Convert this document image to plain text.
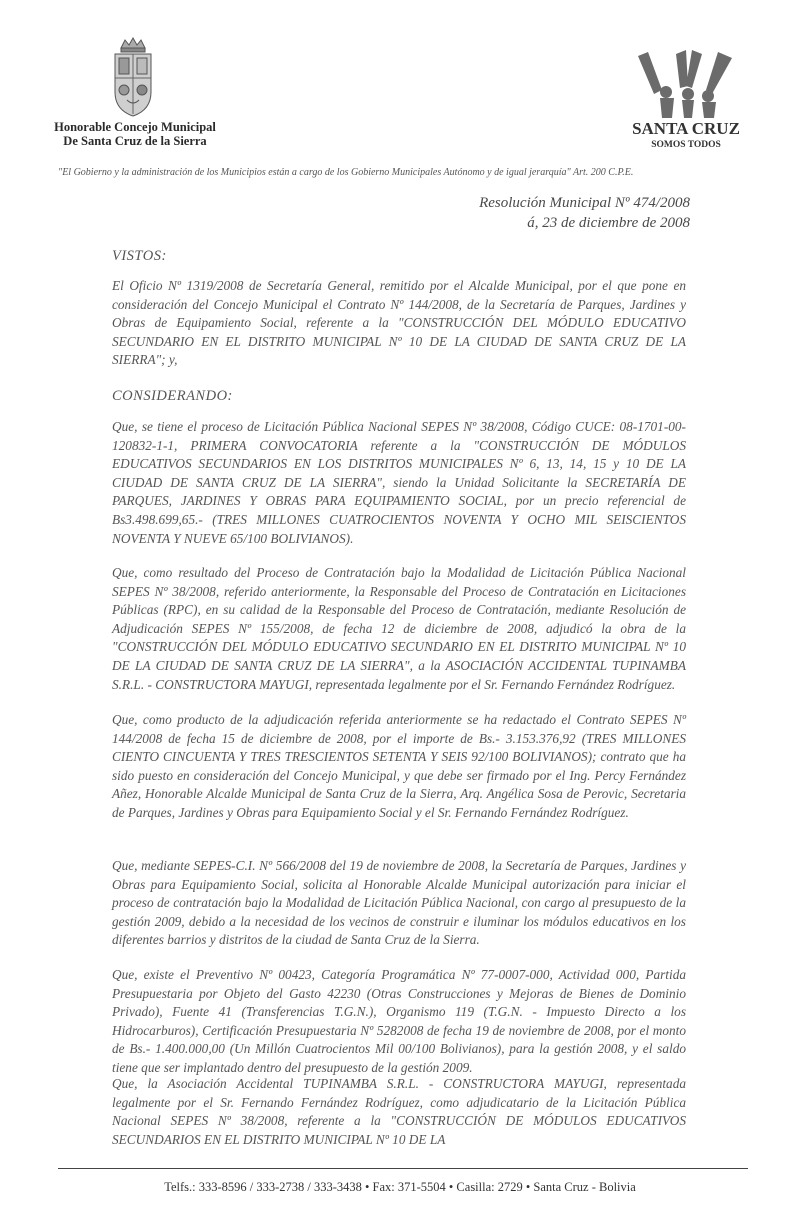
Honorable Concejo Municipal
De Santa Cruz de la Sierra
SANTA CRUZ
SOMOS TODOS
"El Gobierno y la administración de los Municipios están a cargo de los Gobierno Municipales Autónomo y de igual jerarquía" Art. 200 C.P.E.
Resolución Municipal Nº 474/2008
á, 23 de diciembre de 2008
VISTOS:

El Oficio Nº 1319/2008 de Secretaría General, remitido por el Alcalde Municipal, por el que pone en consideración del Concejo Municipal el Contrato Nº 144/2008, de la Secretaría de Parques, Jardines y Obras de Equipamiento Social, referente a la "CONSTRUCCIÓN DEL MÓDULO EDUCATIVO SECUNDARIO EN EL DISTRITO MUNICIPAL Nº 10 DE LA CIUDAD DE SANTA CRUZ DE LA SIERRA"; y,

CONSIDERANDO:

Que, se tiene el proceso de Licitación Pública Nacional SEPES Nº 38/2008, Código CUCE: 08-1701-00-120832-1-1, PRIMERA CONVOCATORIA referente a la "CONSTRUCCIÓN DE MÓDULOS EDUCATIVOS SECUNDARIOS EN LOS DISTRITOS MUNICIPALES Nº 6, 13, 14, 15 y 10 DE LA CIUDAD DE SANTA CRUZ DE LA SIERRA", siendo la Unidad Solicitante la SECRETARÍA DE PARQUES, JARDINES Y OBRAS PARA EQUIPAMIENTO SOCIAL, por un precio referencial de Bs3.498.699,65.- (TRES MILLONES CUATROCIENTOS NOVENTA Y OCHO MIL SEISCIENTOS NOVENTA Y NUEVE 65/100 BOLIVIANOS).

Que, como resultado del Proceso de Contratación bajo la Modalidad de Licitación Pública Nacional SEPES Nº 38/2008, referido anteriormente, la Responsable del Proceso de Contratación en Licitaciones Públicas (RPC), en su calidad de la Responsable del Proceso de Contratación, mediante Resolución de Adjudicación SEPES Nº 155/2008, de fecha 12 de diciembre de 2008, adjudicó la obra de la "CONSTRUCCIÓN DEL MÓDULO EDUCATIVO SECUNDARIO EN EL DISTRITO MUNICIPAL Nº 10 DE LA CIUDAD DE SANTA CRUZ DE LA SIERRA", a la ASOCIACIÓN ACCIDENTAL TUPINAMBA S.R.L. - CONSTRUCTORA MAYUGI, representada legalmente por el Sr. Fernando Fernández Rodríguez.

Que, como producto de la adjudicación referida anteriormente se ha redactado el Contrato SEPES Nº 144/2008 de fecha 15 de diciembre de 2008, por el importe de Bs.- 3.153.376,92 (TRES MILLONES CIENTO CINCUENTA Y TRES TRESCIENTOS SETENTA Y SEIS 92/100 BOLIVIANOS); contrato que ha sido puesto en consideración del Concejo Municipal, y que debe ser firmado por el Ing. Percy Fernández Añez, Honorable Alcalde Municipal de Santa Cruz de la Sierra, Arq. Angélica Sosa de Perovic, Secretaria de Parques, Jardines y Obras para Equipamiento Social y el Sr. Fernando Fernández Rodríguez.

Que, mediante SEPES-C.I. Nº 566/2008 del 19 de noviembre de 2008, la Secretaría de Parques, Jardines y Obras para Equipamiento Social, solicita al Honorable Alcalde Municipal autorización para iniciar el proceso de contratación bajo la Modalidad de Licitación Pública Nacional, con cargo al presupuesto de la gestión 2009, debido a la necesidad de los vecinos de construir e iluminar los módulos educativos en los diferentes barrios y distritos de la ciudad de Santa Cruz de la Sierra.

Que, existe el Preventivo Nº 00423, Categoría Programática Nº 77-0007-000, Actividad 000, Partida Presupuestaria por Objeto del Gasto 42230 (Otras Construcciones y Mejoras de Bienes de Dominio Privado), Fuente 41 (Transferencias T.G.N.), Organismo 119 (T.G.N. - Impuesto Directo a los Hidrocarburos), Certificación Presupuestaria Nº 5282008 de fecha 19 de noviembre de 2008, por el monto de Bs.- 1.400.000,00 (Un Millón Cuatrocientos Mil 00/100 Bolivianos), para la gestión 2008, y el saldo tiene que ser implantado dentro del presupuesto de la gestión 2009.

Que, la Asociación Accidental TUPINAMBA S.R.L. - CONSTRUCTORA MAYUGI, representada legalmente por el Sr. Fernando Fernández Rodríguez, como adjudicatario de la Licitación Pública Nacional SEPES Nº 38/2008, referente a la "CONSTRUCCIÓN DE MÓDULOS EDUCATIVOS SECUNDARIOS EN EL DISTRITO MUNICIPAL Nº 10 DE LA

Telfs.: 333-8596 / 333-2738 / 333-3438 • Fax: 371-5504 • Casilla: 2729 • Santa Cruz - Bolivia
